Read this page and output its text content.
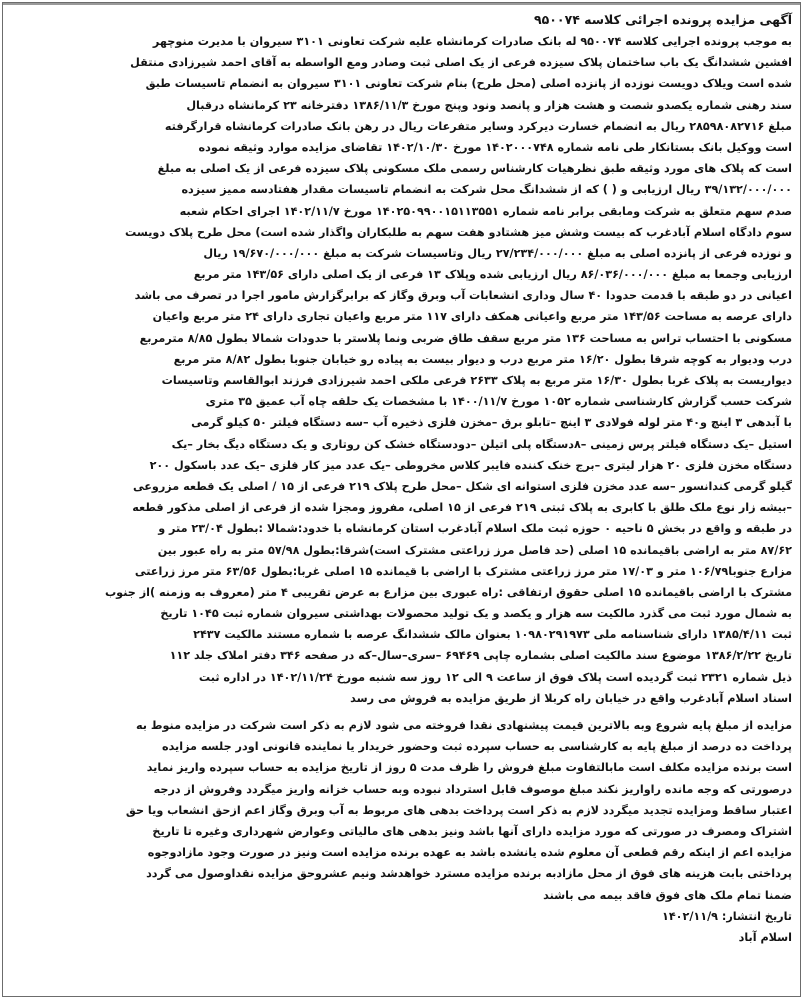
آگهی مزایده پرونده اجرائی کلاسه ۹۵۰۰۷۴

به موجب پرونده اجرایی کلاسه ۹۵۰۰۷۴ له بانک صادرات کرمانشاه علیه شرکت تعاونی ۳۱۰۱ سیروان با مدیرت منوچهر

افشین ششدانگ یک باب ساختمان پلاک سیزده فرعی از یک اصلی ثبت وصادر ومع الواسطه به آقای احمد شیرزادی منتقل

شده است ویلاک دویست نوزده از پانزده اصلی (محل طرح) بنام شرکت تعاونی ۳۱۰۱ سیروان به انضمام تاسیسات طبق

سند رهنی شماره یکصدو شصت و هشت هزار و پانصد ونود وپنج مورخ ۱۳۸۶/۱۱/۳ دفترخانه ۲۳ کرمانشاه درقبال

مبلغ ۲۸۵۹۸۰۸۲۷۱۶ ریال به انضمام خسارت دیرکرد وسایر متفرعات ریال در رهن بانک صادرات کرمانشاه قرارگرفته

است ووکیل بانک بستانکار طی نامه شماره ۱۴۰۲۰۰۰۷۴۸ مورخ ۱۴۰۲/۱۰/۳۰ تقاضای مزایده موارد وثیقه نموده

است که پلاک های مورد وثیقه طبق نظرهیات کارشناس رسمی ملک مسکونی پلاک سیزده فرعی از یک اصلی به مبلغ

۳۹/۱۳۲/۰۰۰/۰۰۰ ریال ارزیابی و ( ) که از ششدانگ محل شرکت به انضمام تاسیسات مقدار هفتادسه ممیز سیزده

صدم سهم متعلق به شرکت ومابقی برابر نامه شماره ۱۴۰۲۵۰۹۹۰۰۱۵۱۱۳۵۵۱ مورخ ۱۴۰۲/۱۱/۷ اجرای احکام شعبه

سوم دادگاه اسلام آبادغرب که بیست وشش میز هشتادو هفت سهم به طلبکاران واگذار شده است) محل طرح پلاک دویست

و نوزده فرعی از پانزده اصلی به مبلغ ۲۷/۲۳۴/۰۰۰/۰۰۰ ریال وتاسیسات شرکت به مبلغ ۱۹/۶۷۰/۰۰۰/۰۰۰ ریال

ارزیابی وجمعا به مبلغ ۸۶/۰۳۶/۰۰۰/۰۰۰ ریال ارزیابی شده وپلاک ۱۳ فرعی از یک اصلی دارای ۱۴۳/۵۶ متر مربع

اعیانی در دو طبقه با قدمت حدودا ۴۰ سال وداری انشعابات آب وبرق وگاز که برابرگزارش مامور اجرا در تصرف می باشد

دارای عرصه به مساحت ۱۴۳/۵۶ متر مربع واعیانی همکف دارای ۱۱۷ متر مربع واعیان تجاری دارای ۲۴ متر مربع واعیان

مسکونی با احتساب تراس به مساحت ۱۳۶ متر مربع سقف طاق ضربی ونما پلاستر با حدودات شمالا بطول ۸/۸۵ مترمربع

درب وديوار به كوچه شرقا بطول ۱۶/۲۰ متر مربع درب و ديوار بيست به پياده رو خيابان جنوبا بطول ۸/۸۲ متر مربع

دیواریست به پلاک غربا بطول ۱۶/۳۰ متر مربع به پلاک ۲۶۳۳ فرعی ملکی احمد شیرزادی فرزند ابوالقاسم وتاسیسات

شرکت حسب گزارش کارشناسی شماره ۱۰۵۲ مورخ ۱۴۰۰/۱۱/۷ با مشخصات یک حلقه چاه آب عمیق ۳۵ متری

با آبدهی ۳ اینچ و۴۰ متر لوله فولادی ۳ اینچ –تابلو برق –مخزن فلزی ذخیره آب –سه دستگاه فیلتر ۵۰ کیلو گرمی

استیل –یک دستگاه فیلتر پرس زمینی –۸دستگاه پلی اتیلن –دودستگاه خشک کن روتاری و یک دستگاه دیگ بخار –یک

دستگاه مخزن فلزی ۲۰ هزار لیتری –برج خنک کننده فایبر کلاس مخروطی –یک عدد میز کار فلزی –یک عدد باسکول ۲۰۰

گیلو گرمی کندانسور –سه عدد مخزن فلزی استوانه ای شکل –محل طرح پلاک ۲۱۹ فرعی از ۱۵ / اصلی یک قطعه مزروعی

–بیشه زار نوع ملک طلق با کابری به پلاک ثبتی ۲۱۹ فرعی از ۱۵ اصلی، مفروز ومجزا شده از فرعی از اصلی مذکور قطعه

در طبقه و واقع در بخش ۵ ناحیه ۰ حوزه ثبت ملک اسلام آبادغرب استان کرمانشاه با خدود:شمالا :بطول ۲۳/۰۴ متر و

۸۷/۶۲ متر به اراضی باقیمانده ۱۵ اصلی (حد فاصل مرز زراعتی مشترک است)شرقا:بطول ۵۷/۹۸ متر به راه عبور بین

مزارع جنوبا۱۰۶/۷۹ متر و ۱۷/۰۳ متر مرز زراعتی مشترک با اراضی با قیمانده ۱۵ اصلی غربا:بطول ۶۳/۵۶ متر مرز زراعتی

مشترک با اراضی باقیمانده ۱۵ اصلی حقوق ارتفاقی :راه عبوری بین مزارع به عرض تقریبی ۴ متر (معروف به وزمنه )از جنوب

به شمال مورد ثبت می گذرد مالکیت سه هزار و یکصد و یک تولید محصولات بهداشتی سیروان شماره ثبت ۱۰۴۵ تاریخ

ثبت ۱۳۸۵/۴/۱۱ دارای شناسنامه ملی ۱۰۹۸۰۲۹۱۹۷۳ بعنوان مالک ششدانگ عرصه با شماره مستند مالکیت ۲۴۳۷

تاریخ ۱۳۸۶/۲/۲۲ موضوع سند مالکیت اصلی بشماره چاپی ۶۹۴۶۹ –سری–سال–که در صفحه ۳۴۶ دفتر املاک جلد ۱۱۲

ذیل شماره ۲۳۲۱ ثبت گردیده است پلاک فوق از ساعت ۹ الی ۱۲ روز سه شنبه مورخ ۱۴۰۲/۱۱/۲۴ در اداره ثبت

اسناد اسلام آبادغرب واقع در خیابان راه کربلا از طریق مزایده به فروش می رسد

مزایده از مبلغ پایه شروع وبه بالاترین قیمت پیشنهادی نقدا فروخته می شود لازم به ذکر است شرکت در مزایده منوط به

پرداخت ده درصد از مبلغ پایه به کارشناسی به حساب سپرده ثبت وحضور خریدار یا نماینده قانونی اودر جلسه مزایده

است برنده مزایده مکلف است مابالتفاوت مبلغ فروش را ظرف مدت ۵ روز از تاریخ مزایده به حساب سپرده واریز نماید

درصورتی که وجه مانده راواریز نکند مبلغ موصوف قابل استرداد نبوده وبه حساب خزانه واریز میگردد وفروش از درجه

اعتبار ساقط ومزایده تجدید میگردد لازم به ذکر است پرداخت بدهی های مربوط به آب وبرق وگاز اعم ازحق انشعاب ویا حق

اشتراک ومصرف در صورتی که مورد مزایده دارای آنها باشد ونیز بدهی های مالیاتی وعوارض شهرداری وغیره تا تاریخ

مزایده اعم از اینکه رقم قطعی آن معلوم شده یانشده باشد به عهده برنده مزایده است ونیز در صورت وجود مازادوجوه

پرداختی بابت هزینه های فوق از محل مازادبه برنده مزایده مسترد خواهدشد ونیم عشروحق مزایده نقداوصول می گردد

ضمنا تمام ملک های فوق فاقد بیمه می باشند

تاریخ انتشار: ۱۴۰۲/۱۱/۹

اسلام آباد
